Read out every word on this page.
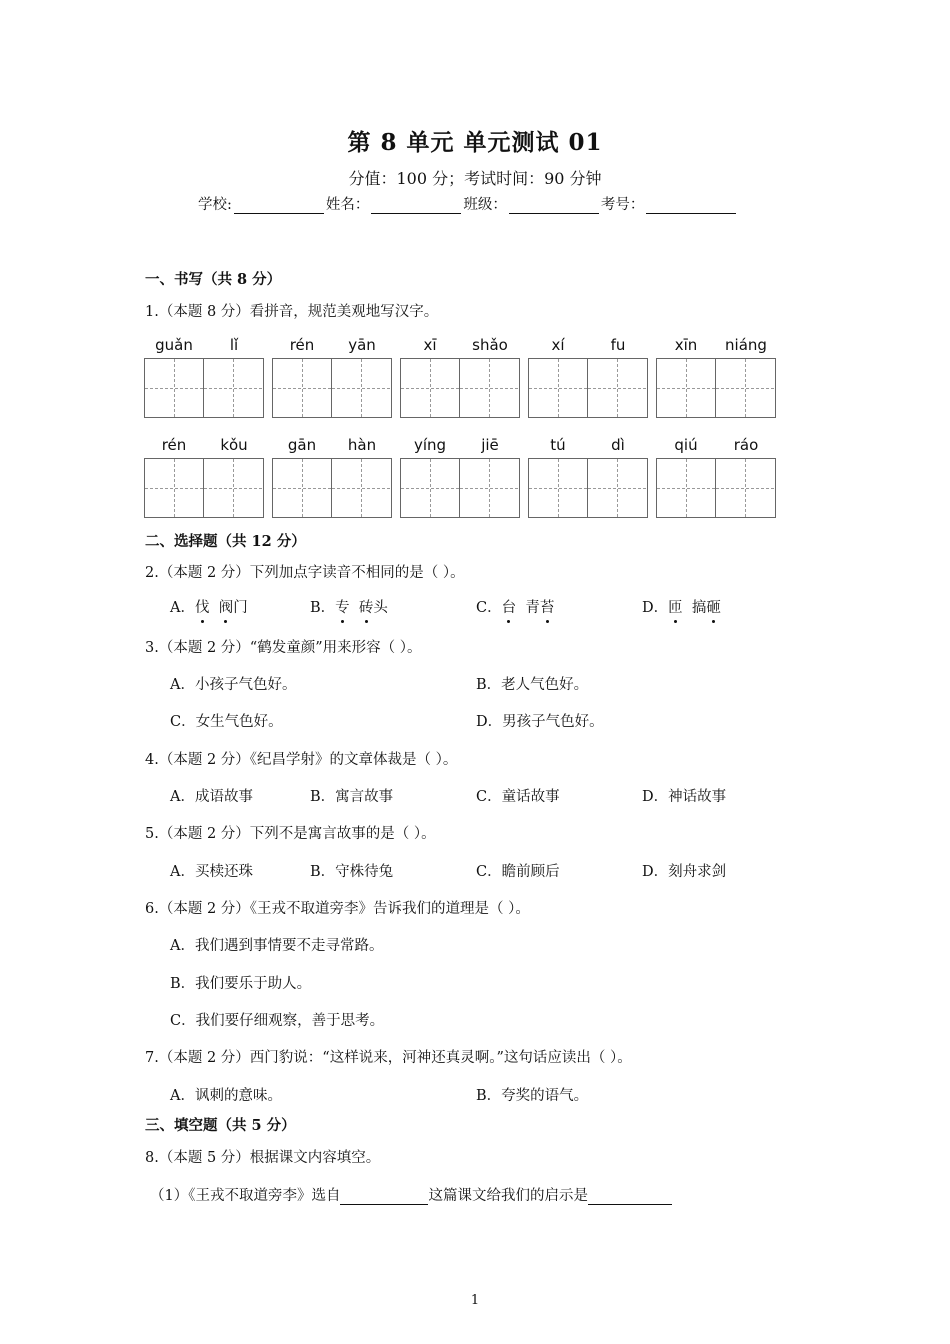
第 8 单元 单元测试 01
分值：100 分；考试时间：90 分钟
学校:	姓名：	班级：	考号：
一、书写（共 8 分）
1.（本题 8 分）看拼音，规范美观地写汉字。
guǎn	lǐ	rén	yān	xī	shǎo	xí	fu	xīn	niáng
rén	kǒu	gān	hàn	yíng	jiē	tú	dì	qiú	ráo
二、选择题（共 12 分）
2.（本题 2 分）下列加点字读音不相同的是（ ）。
A．伐 阀门	B．专 砖头	C．台 青苔	D．匝 搞砸
3.（本题 2 分）“鹤发童颜”用来形容（ ）。
A．小孩子气色好。	B．老人气色好。
C．女生气色好。	D．男孩子气色好。
4.（本题 2 分）《纪昌学射》的文章体裁是（ ）。
A．成语故事	B．寓言故事	C．童话故事	D．神话故事
5.（本题 2 分）下列不是寓言故事的是（ ）。
A．买椟还珠	B．守株待兔	C．瞻前顾后	D．刻舟求剑
6.（本题 2 分）《王戎不取道旁李》告诉我们的道理是（ ）。
A．我们遇到事情要不走寻常路。
B．我们要乐于助人。
C．我们要仔细观察，善于思考。
7.（本题 2 分）西门豹说：“这样说来，河神还真灵啊。”这句话应读出（ ）。
A．讽刺的意味。	B．夸奖的语气。
三、填空题（共 5 分）
8.（本题 5 分）根据课文内容填空。
（1）《王戎不取道旁李》选自	这篇课文给我们的启示是
1
